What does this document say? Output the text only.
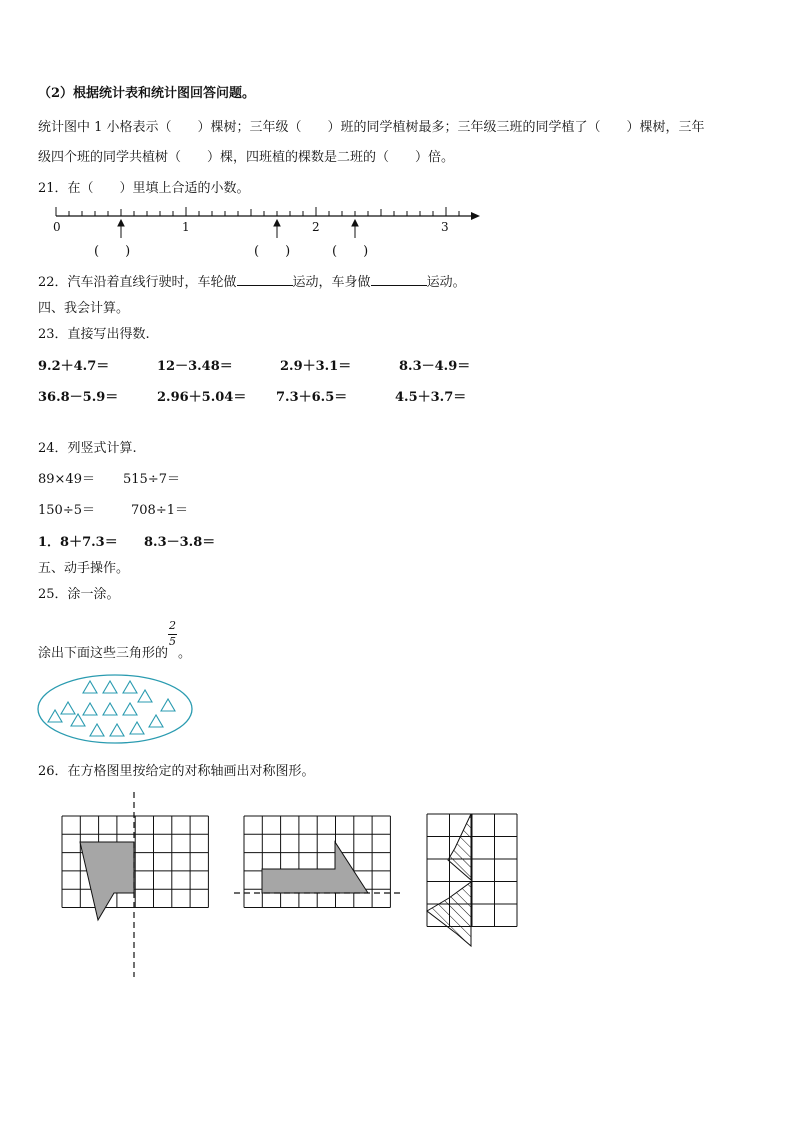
（2）根据统计表和统计图回答问题。
统计图中 1 小格表示（　　）棵树；三年级（　　）班的同学植树最多；三年级三班的同学植了（　　）棵树，三年
级四个班的同学共植树（　　）棵，四班植的棵数是二班的（　　）倍。
21．在（　　）里填上合适的小数。
0	1	2	3
(　　)	(　　)	(　　)
22．汽车沿着直线行驶时，车轮做	运动，车身做	运动。
四、我会计算。
23．直接写出得数.
9.2＋4.7＝	12－3.48＝	2.9＋3.1＝	8.3－4.9＝
36.8－5.9＝	2.96＋5.04＝ 7.3＋6.5＝	4.5＋3.7＝
24．列竖式计算.
89×49＝ 515÷7＝
150÷5＝	708÷1＝
1．8＋7.3＝ 8.3－3.8＝
五、动手操作。
25．涂一涂。
涂出下面这些三角形的 $\frac{2}{5}$ 。
26．在方格图里按给定的对称轴画出对称图形。
